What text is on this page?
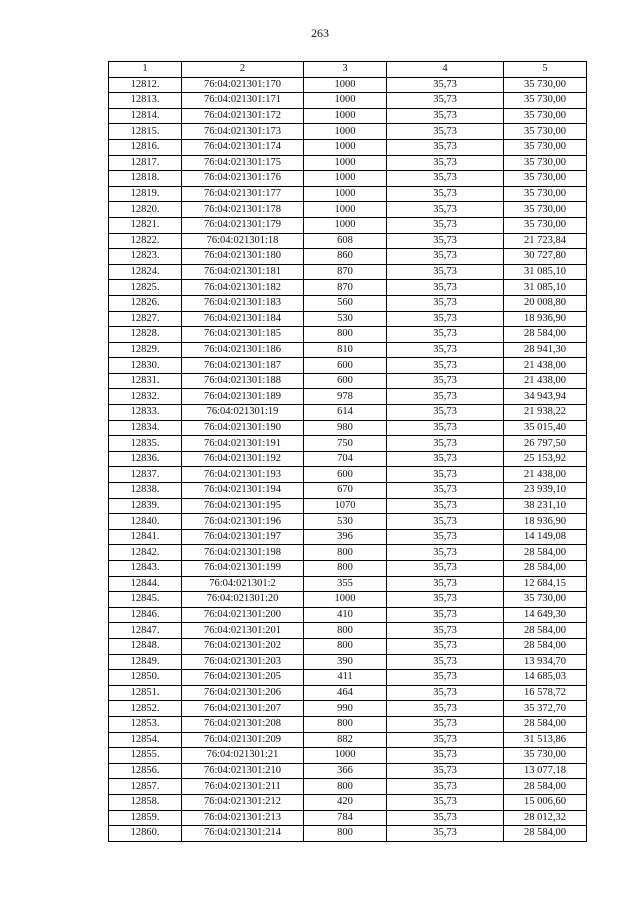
263
1	2	3	4	5
12812.	76:04:021301:170	1000	35,73	35 730,00
12813.	76:04:021301:171	1000	35,73	35 730,00
12814.	76:04:021301:172	1000	35,73	35 730,00
12815.	76:04:021301:173	1000	35,73	35 730,00
12816.	76:04:021301:174	1000	35,73	35 730,00
12817.	76:04:021301:175	1000	35,73	35 730,00
12818.	76:04:021301:176	1000	35,73	35 730,00
12819.	76:04:021301:177	1000	35,73	35 730,00
12820.	76:04:021301:178	1000	35,73	35 730,00
12821.	76:04:021301:179	1000	35,73	35 730,00
12822.	76:04:021301:18	608	35,73	21 723,84
12823.	76:04:021301:180	860	35,73	30 727,80
12824.	76:04:021301:181	870	35,73	31 085,10
12825.	76:04:021301:182	870	35,73	31 085,10
12826.	76:04:021301:183	560	35,73	20 008,80
12827.	76:04:021301:184	530	35,73	18 936,90
12828.	76:04:021301:185	800	35,73	28 584,00
12829.	76:04:021301:186	810	35,73	28 941,30
12830.	76:04:021301:187	600	35,73	21 438,00
12831.	76:04:021301:188	600	35,73	21 438,00
12832.	76:04:021301:189	978	35,73	34 943,94
12833.	76:04:021301:19	614	35,73	21 938,22
12834.	76:04:021301:190	980	35,73	35 015,40
12835.	76:04:021301:191	750	35,73	26 797,50
12836.	76:04:021301:192	704	35,73	25 153,92
12837.	76:04:021301:193	600	35,73	21 438,00
12838.	76:04:021301:194	670	35,73	23 939,10
12839.	76:04:021301:195	1070	35,73	38 231,10
12840.	76:04:021301:196	530	35,73	18 936,90
12841.	76:04:021301:197	396	35,73	14 149,08
12842.	76:04:021301:198	800	35,73	28 584,00
12843.	76:04:021301:199	800	35,73	28 584,00
12844.	76:04:021301:2	355	35,73	12 684,15
12845.	76:04:021301:20	1000	35,73	35 730,00
12846.	76:04:021301:200	410	35,73	14 649,30
12847.	76:04:021301:201	800	35,73	28 584,00
12848.	76:04:021301:202	800	35,73	28 584,00
12849.	76:04:021301:203	390	35,73	13 934,70
12850.	76:04:021301:205	411	35,73	14 685,03
12851.	76:04:021301:206	464	35,73	16 578,72
12852.	76:04:021301:207	990	35,73	35 372,70
12853.	76:04:021301:208	800	35,73	28 584,00
12854.	76:04:021301:209	882	35,73	31 513,86
12855.	76:04:021301:21	1000	35,73	35 730,00
12856.	76:04:021301:210	366	35,73	13 077,18
12857.	76:04:021301:211	800	35,73	28 584,00
12858.	76:04:021301:212	420	35,73	15 006,60
12859.	76:04:021301:213	784	35,73	28 012,32
12860.	76:04:021301:214	800	35,73	28 584,00
